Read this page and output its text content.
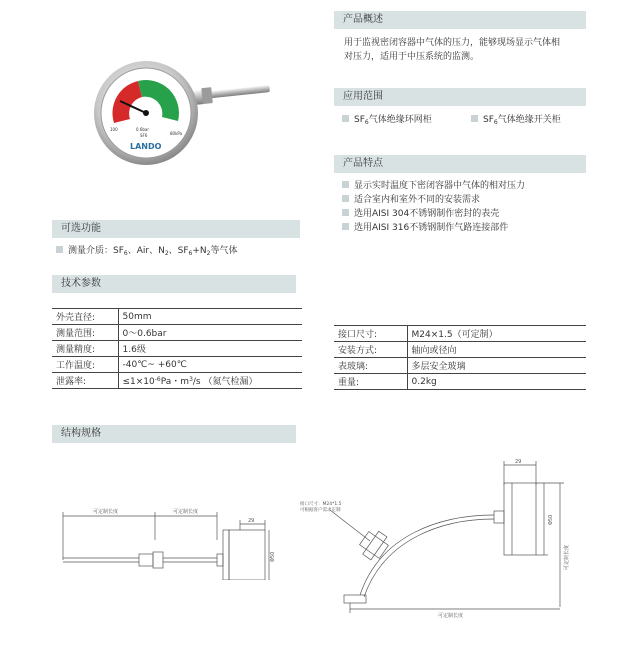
100
80kPa
0.6bar
SF6
LANDO
产品概述
用于监视密闭容器中气体的压力，能够现场显示气体相
对压力，适用于中压系统的监测。
应用范围
$SF_6$气体绝缘环网柜	$SF_6$气体绝缘开关柜
产品特点
显示实时温度下密闭容器中气体的相对压力
适合室内和室外不同的安装需求
选用AISI 304不锈钢制作密封的表壳
选用AISI 316不锈钢制作气路连接部件
可选功能
测量介质：$SF_6$、Air、$N_2$、$SF_6+N_2$等气体
技术参数
外壳直径:	50mm
测量范围:	0～0.6bar
测量精度:	1.6级
工作温度:	-40℃~ +60℃
泄露率:	$\le 1\times 10^{-6}Pa$・$m^3/s$ （氦气检漏）
接口尺寸:	M24×1.5（可定制）
安装方式:	轴向或径向
表玻璃:	多层安全玻璃
重量:	0.2kg
结构规格
可定制长度	可定制长度
29
Φ50
接口尺寸：M24*1.5
可根据客户需求定制
29
Φ50
可定制长度
可定制长度
